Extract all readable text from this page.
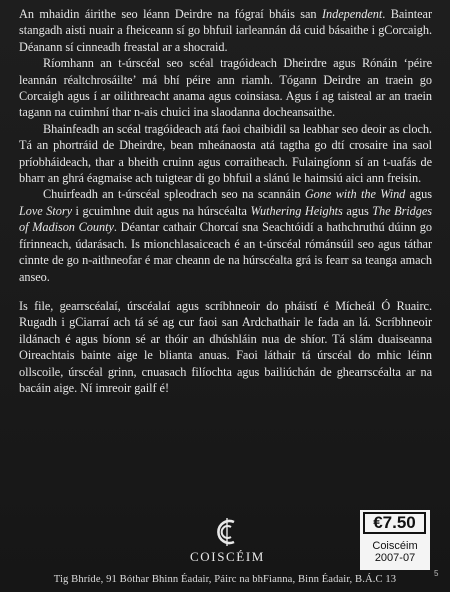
An mhaidin áirithe seo léann Deirdre na fógraí bháis san Independent. Baintear stangadh aisti nuair a fheiceann sí go bhfuil iarleannán dá cuid básaithe i gCorcaigh. Déanann sí cinneadh freastal ar a shocraid.

Ríomhann an t-úrscéal seo scéal tragóideach Dheirdre agus Rónáin ‘péire leannán réaltchrosáilte’ má bhí péire ann riamh. Tógann Deirdre an traein go Corcaigh agus í ar oilithreacht anama agus coinsiasa. Agus í ag taisteal ar an traein tagann na cuimhní thar n-ais chuici ina slaodanna docheansaithe.

Bhainfeadh an scéal tragóideach atá faoi chaibidil sa leabhar seo deoir as cloch. Tá an phortráid de Dheirdre, bean mheánaosta atá tagtha go dtí crosaire ina saol príobháideach, thar a bheith cruinn agus corraitheach. Fulaingíonn sí an t-uafás de bharr an ghrá éagmaise ach tuigtear di go bhfuil a slánú le haimsiú aici ann freisin.

Chuirfeadh an t-úrscéal spleodrach seo na scannáin Gone with the Wind agus Love Story i gcuimhne duit agus na húrscéalta Wuthering Heights agus The Bridges of Madison County. Déantar cathair Chorcaí sna Seachtóidí a hathchruthú dúinn go fírinneach, údarásach. Is mionchlasaiceach é an t-úrscéal rómánsúil seo agus táthar cinnte de go n-aithneofar é mar cheann de na húrscéalta grá is fearr sa teanga amach anseo.

Is file, gearrscéalaí, úrscéalaí agus scríbhneoir do pháistí é Mícheál Ó Ruairc. Rugadh i gCiarraí ach tá sé ag cur faoi san Ardchathair le fada an lá. Scríbhneoir ildánach é agus bíonn sé ar thóir an dhúshláin nua de shíor. Tá slám duaiseanna Oireachtais bainte aige le blianta anuas. Faoi láthair tá úrscéal do mhic léinn ollscoile, úrscéal grinn, cnuasach filíochta agus bailiúchán de ghearrscéalta ar na bacáin aige. Ní imreoir gailf é!

COISCÉIM
€7.50
Coiscéim
2007-07
5
Tig Bhríde, 91 Bóthar Bhinn Éadair, Páirc na bhFianna, Binn Éadair, B.Á.C 13
